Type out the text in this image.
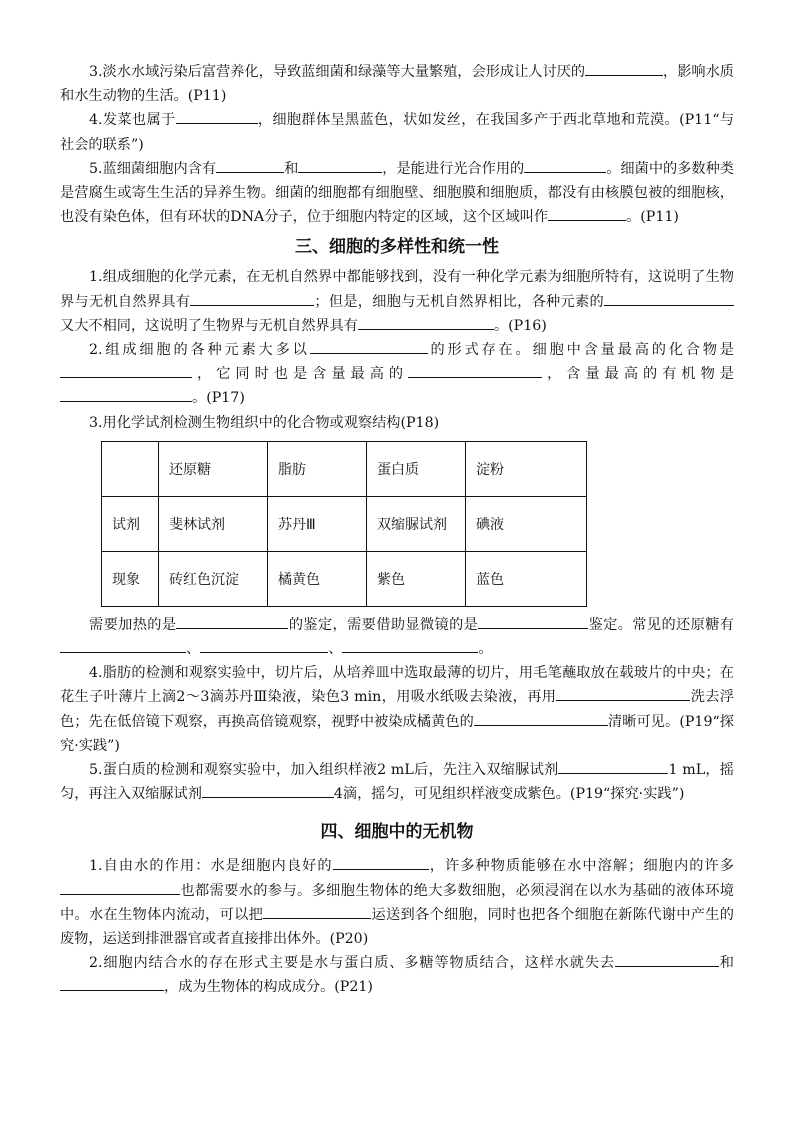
3.淡水水域污染后富营养化，导致蓝细菌和绿藻等大量繁殖，会形成让人讨厌的	，影响水质和水生动物的生活。(P11)

4.发菜也属于	，细胞群体呈黑蓝色，状如发丝，在我国多产于西北草地和荒漠。(P11“与社会的联系”)

5.蓝细菌细胞内含有	和	，是能进行光合作用的	。细菌中的多数种类是营腐生或寄生生活的异养生物。细菌的细胞都有细胞壁、细胞膜和细胞质，都没有由核膜包被的细胞核，也没有染色体，但有环状的DNA分子，位于细胞内特定的区域，这个区域叫作	。(P11)

三、细胞的多样性和统一性

1.组成细胞的化学元素，在无机自然界中都能够找到，没有一种化学元素为细胞所特有，这说明了生物界与无机自然界具有	；但是，细胞与无机自然界相比，各种元素的又大不相同，这说明了生物界与无机自然界具有	。(P16)

2.组成细胞的各种元素大多以	的形式存在。细胞中含量最高的化合物是，它同时也是含量最高的	，含量最高的有机物是。(P17)

3.用化学试剂检测生物组织中的化合物或观察结构(P18)

	还原糖	脂肪	蛋白质	淀粉
试剂	斐林试剂	苏丹Ⅲ	双缩脲试剂	碘液
现象	砖红色沉淀	橘黄色	紫色	蓝色

需要加热的是	的鉴定，需要借助显微镜的是	鉴定。常见的还原糖有、	、	。

4.脂肪的检测和观察实验中，切片后，从培养皿中选取最薄的切片，用毛笔蘸取放在载玻片的中央；在花生子叶薄片上滴2～3滴苏丹Ⅲ染液，染色3 min，用吸水纸吸去染液，再用	洗去浮色；先在低倍镜下观察，再换高倍镜观察，视野中被染成橘黄色的	清晰可见。(P19“探究·实践”)

5.蛋白质的检测和观察实验中，加入组织样液2 mL后，先注入双缩脲试剂	1 mL，摇匀，再注入双缩脲试剂	4滴，摇匀，可见组织样液变成紫色。(P19“探究·实践”)

四、细胞中的无机物

1.自由水的作用：水是细胞内良好的	，许多种物质能够在水中溶解；细胞内的许多也都需要水的参与。多细胞生物体的绝大多数细胞，必须浸润在以水为基础的液体环境中。水在生物体内流动，可以把	运送到各个细胞，同时也把各个细胞在新陈代谢中产生的废物，运送到排泄器官或者直接排出体外。(P20)

2.细胞内结合水的存在形式主要是水与蛋白质、多糖等物质结合，这样水就失去	和，成为生物体的构成成分。(P21)
